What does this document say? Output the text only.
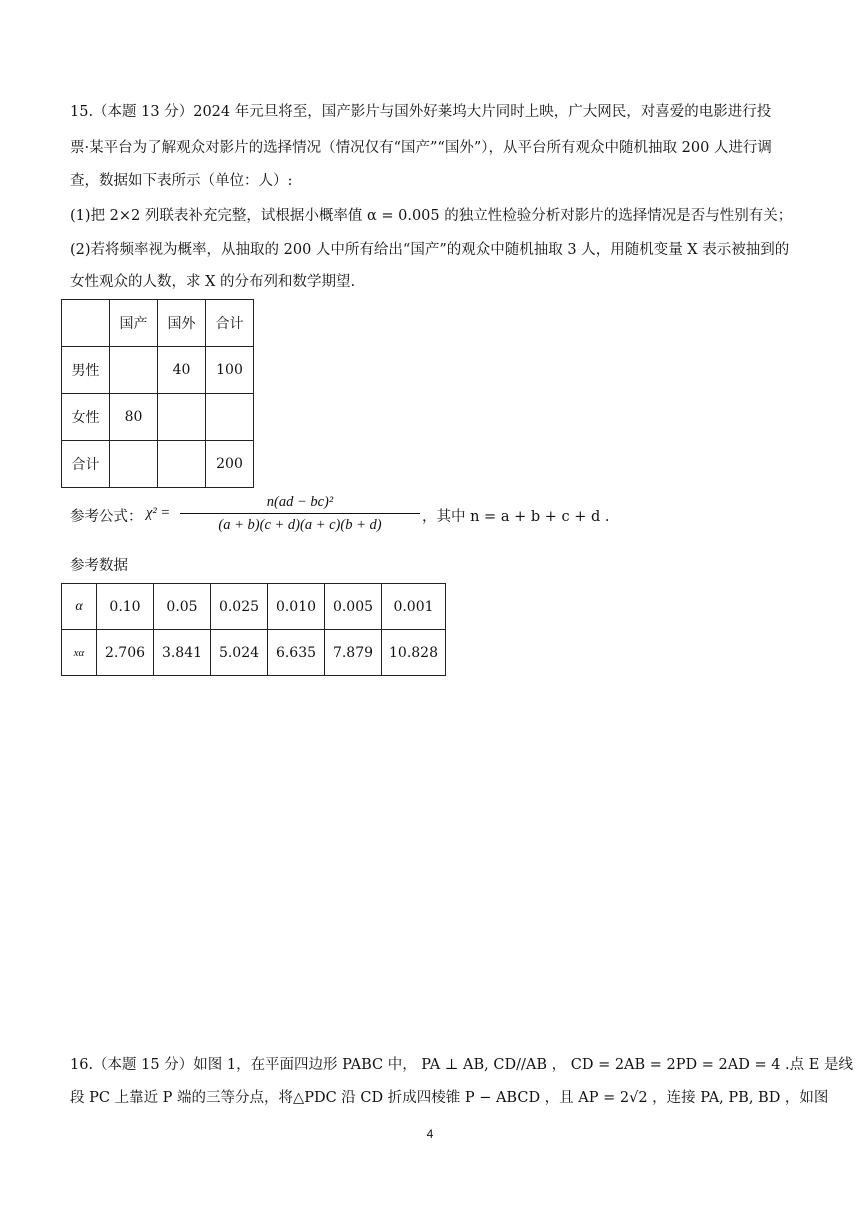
15.（本题 13 分）2024 年元旦将至，国产影片与国外好莱坞大片同时上映，广大网民，对喜爱的电影进行投
票·某平台为了解观众对影片的选择情况（情况仅有“国产”“国外”），从平台所有观众中随机抽取 200 人进行调
查，数据如下表所示（单位：人）:
(1)把 2×2 列联表补充完整，试根据小概率值 α = 0.005 的独立性检验分析对影片的选择情况是否与性别有关；
(2)若将频率视为概率，从抽取的 200 人中所有给出“国产”的观众中随机抽取 3 人，用随机变量 X 表示被抽到的
女性观众的人数，求 X 的分布列和数学期望.
	国产	国外	合计
男性		40	100
女性	80		
合计			200
参考公式： χ² =
n(ad − bc)²
(a + b)(c + d)(a + c)(b + d)	，其中 n = a + b + c + d .
参考数据
α	0.10	0.05	0.025	0.010	0.005	0.001
xα	2.706	3.841	5.024	6.635	7.879	10.828
16.（本题 15 分）如图 1，在平面四边形 PABC 中， PA ⊥ AB, CD//AB ， CD = 2AB = 2PD = 2AD = 4 .点 E 是线
段 PC 上靠近 P 端的三等分点，将△PDC 沿 CD 折成四棱锥 P − ABCD ，且 AP = 2√2 ，连接 PA, PB, BD ，如图
4
